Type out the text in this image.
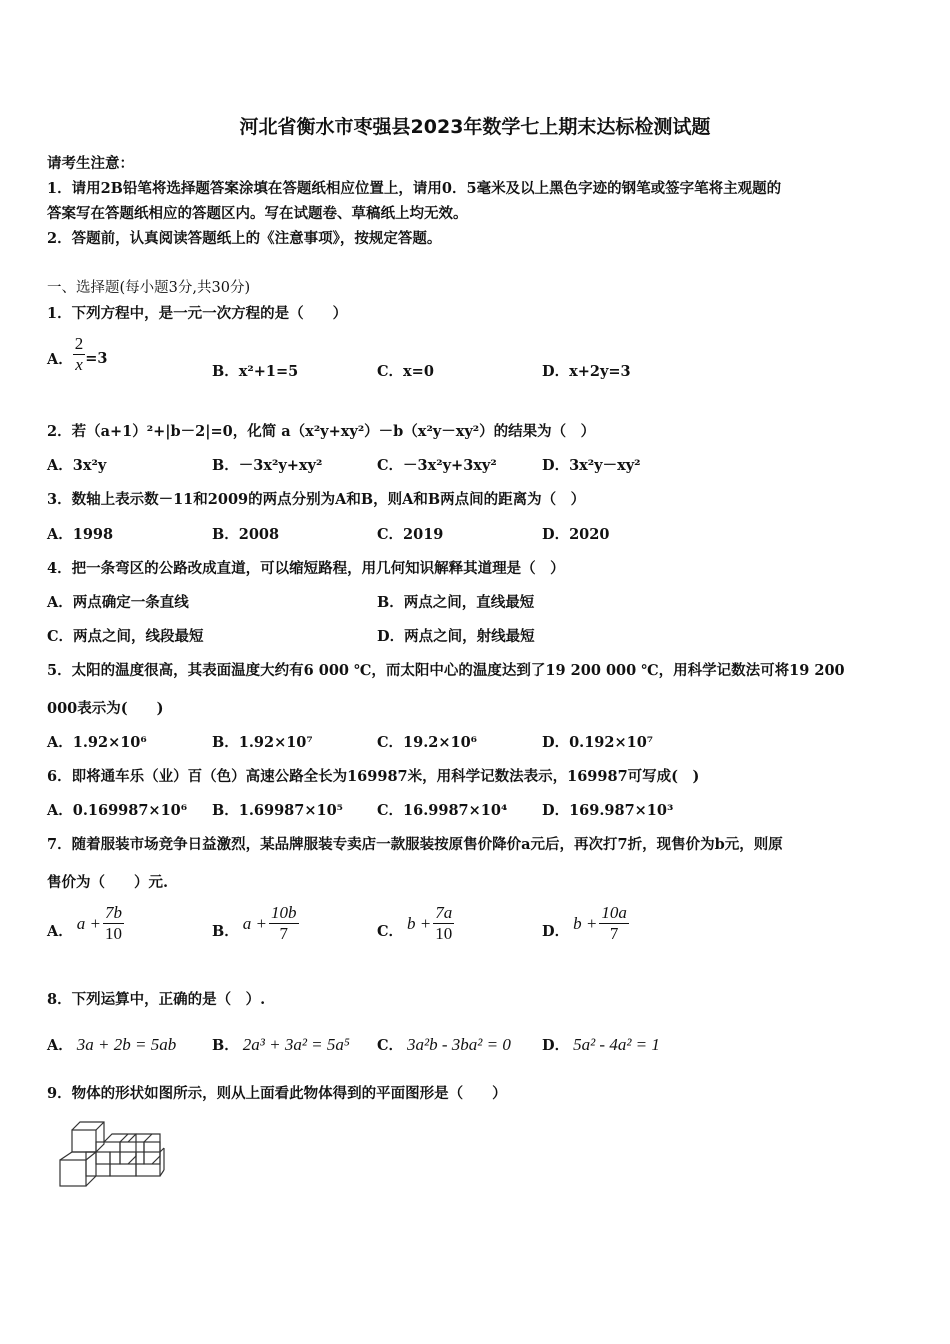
河北省衡水市枣强县2023年数学七上期末达标检测试题
请考生注意：
1．请用2B铅笔将选择题答案涂填在答题纸相应位置上，请用0．5毫米及以上黑色字迹的钢笔或签字笔将主观题的
答案写在答题纸相应的答题区内。写在试题卷、草稿纸上均无效。
2．答题前，认真阅读答题纸上的《注意事项》，按规定答题。
一、选择题(每小题3分,共30分)
1．下列方程中，是一元一次方程的是（　　）
A． $\frac{2}{x} =3$
B．x²+1=5	C．x=0	D．x+2y=3
2．若（a+1）²+|b－2|=0，化简 a（x²y+xy²）－b（x²y－xy²）的结果为（　）
A．3x²y	B．－3x²y+xy²	C．－3x²y+3xy²	D．3x²y－xy²
3．数轴上表示数－11和2009的两点分别为A和B，则A和B两点间的距离为（　）
A．1998	B．2008	C．2019	D．2020
4．把一条弯区的公路改成直道，可以缩短路程，用几何知识解释其道理是（　）
A．两点确定一条直线	B．两点之间，直线最短
C．两点之间，线段最短	D．两点之间，射线最短
5．太阳的温度很高，其表面温度大约有6 000 ℃，而太阳中心的温度达到了19 200 000 ℃，用科学记数法可将19 200
000表示为(　　)
A．1.92×10⁶	B．1.92×10⁷	C．19.2×10⁶	D．0.192×10⁷
6．即将通车乐（业）百（色）高速公路全长为169987米，用科学记数法表示，169987可写成(　)
A．0.169987×10⁶ B．1.69987×10⁵ C．16.9987×10⁴ D．169.987×10³
7．随着服装市场竞争日益激烈，某品牌服装专卖店一款服装按原售价降价a元后，再次打7折，现售价为b元，则原
售价为（　　）元.
A． $a + \frac{7b}{10}$	B． $a + \frac{10b}{7}$	C． $b + \frac{7a}{10}$	D． $b + \frac{10a}{7}$
8．下列运算中，正确的是（　）.
A． 3a + 2b = 5ab B． 2a³ + 3a² = 5a⁵ C． 3a²b - 3ba² = 0 D． 5a² - 4a² = 1
9．物体的形状如图所示，则从上面看此物体得到的平面图形是（　　）
